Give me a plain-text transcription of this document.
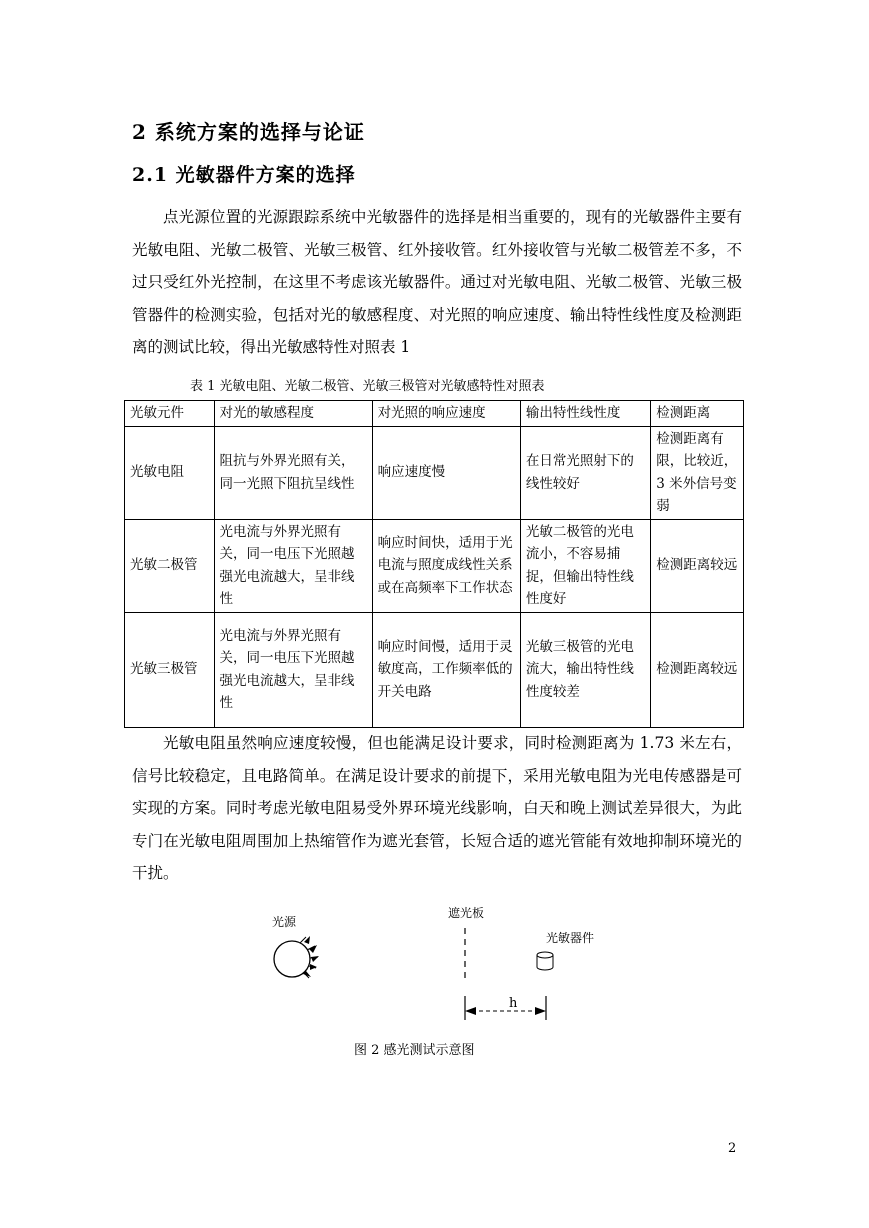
2 系统方案的选择与论证
2.1 光敏器件方案的选择
点光源位置的光源跟踪系统中光敏器件的选择是相当重要的，现有的光敏器件主要有光敏电阻、光敏二极管、光敏三极管、红外接收管。红外接收管与光敏二极管差不多，不过只受红外光控制，在这里不考虑该光敏器件。通过对光敏电阻、光敏二极管、光敏三极管器件的检测实验，包括对光的敏感程度、对光照的响应速度、输出特性线性度及检测距离的测试比较，得出光敏感特性对照表 1
表 1 光敏电阻、光敏二极管、光敏三极管对光敏感特性对照表
光敏元件	对光的敏感程度	对光照的响应速度	输出特性线性度	检测距离
光敏电阻	阻抗与外界光照有关，同一光照下阻抗呈线性	响应速度慢	在日常光照射下的线性较好	检测距离有限，比较近，3 米外信号变弱
光敏二极管	光电流与外界光照有关，同一电压下光照越强光电流越大，呈非线性	响应时间快，适用于光电流与照度成线性关系或在高频率下工作状态	光敏二极管的光电流小，不容易捕捉，但输出特性线性度好	检测距离较远
光敏三极管	光电流与外界光照有关，同一电压下光照越强光电流越大，呈非线性	响应时间慢，适用于灵敏度高，工作频率低的开关电路	光敏三极管的光电流大，输出特性线性度较差	检测距离较远
光敏电阻虽然响应速度较慢，但也能满足设计要求，同时检测距离为 1.73 米左右，信号比较稳定，且电路简单。在满足设计要求的前提下，采用光敏电阻为光电传感器是可实现的方案。同时考虑光敏电阻易受外界环境光线影响，白天和晚上测试差异很大，为此专门在光敏电阻周围加上热缩管作为遮光套管，长短合适的遮光管能有效地抑制环境光的干扰。
光源
遮光板
光敏器件
h
图 2 感光测试示意图
2
